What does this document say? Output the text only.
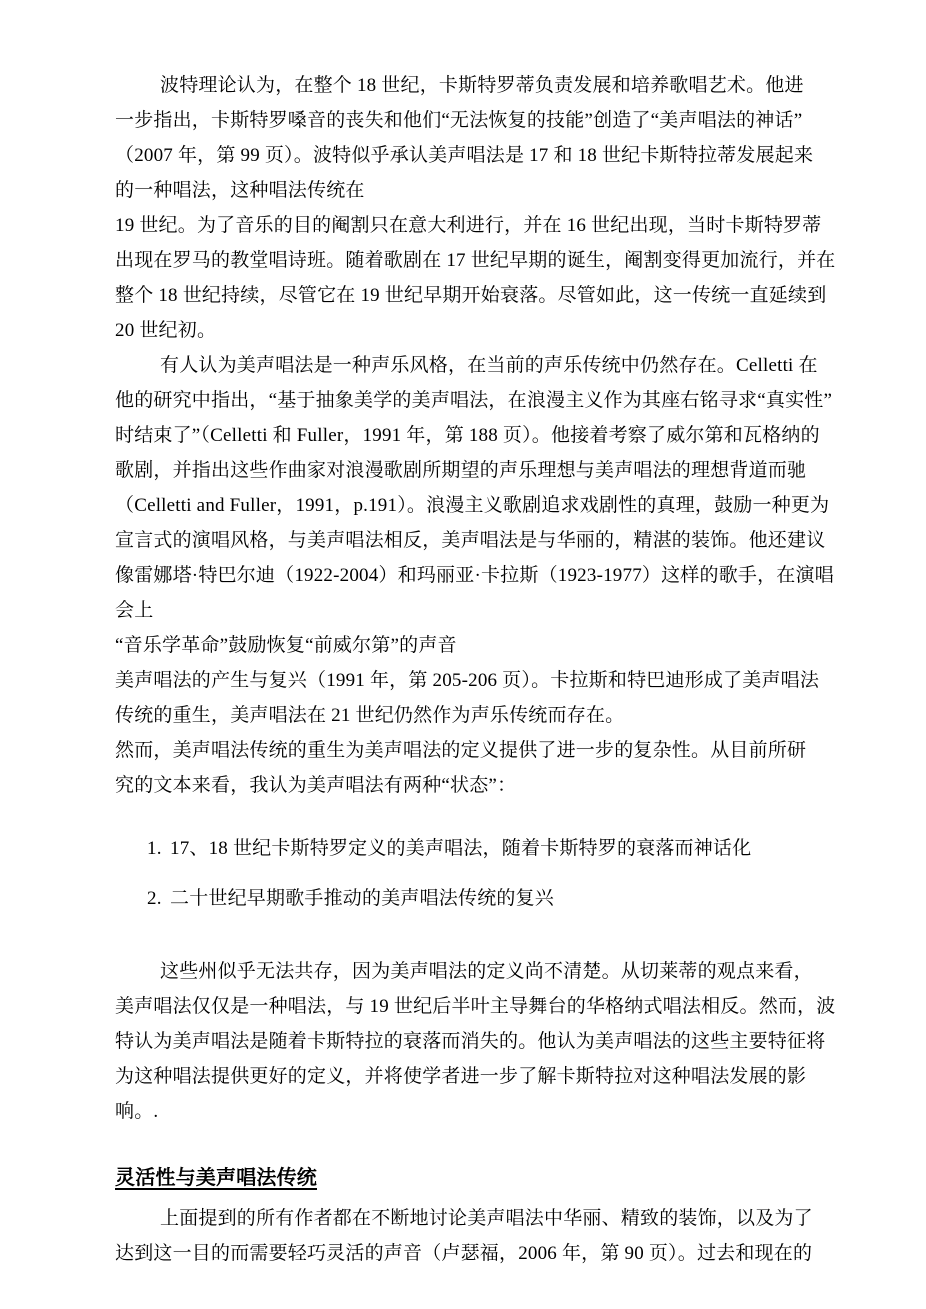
波特理论认为，在整个 18 世纪，卡斯特罗蒂负责发展和培养歌唱艺术。他进
一步指出，卡斯特罗嗓音的丧失和他们“无法恢复的技能”创造了“美声唱法的神话”
（2007 年，第 99 页）。波特似乎承认美声唱法是 17 和 18 世纪卡斯特拉蒂发展起来
的一种唱法，这种唱法传统在
19 世纪。为了音乐的目的阉割只在意大利进行，并在 16 世纪出现，当时卡斯特罗蒂
出现在罗马的教堂唱诗班。随着歌剧在 17 世纪早期的诞生，阉割变得更加流行，并在
整个 18 世纪持续，尽管它在 19 世纪早期开始衰落。尽管如此，这一传统一直延续到
20 世纪初。
有人认为美声唱法是一种声乐风格，在当前的声乐传统中仍然存在。Celletti 在
他的研究中指出，“基于抽象美学的美声唱法，在浪漫主义作为其座右铭寻求“真实性”
时结束了”（Celletti 和 Fuller，1991 年，第 188 页）。他接着考察了威尔第和瓦格纳的
歌剧，并指出这些作曲家对浪漫歌剧所期望的声乐理想与美声唱法的理想背道而驰
（Celletti and Fuller，1991，p.191）。浪漫主义歌剧追求戏剧性的真理，鼓励一种更为
宣言式的演唱风格，与美声唱法相反，美声唱法是与华丽的，精湛的装饰。他还建议
像雷娜塔·特巴尔迪（1922-2004）和玛丽亚·卡拉斯（1923-1977）这样的歌手，在演唱
会上
“音乐学革命”鼓励恢复“前威尔第”的声音
美声唱法的产生与复兴（1991 年，第 205-206 页）。卡拉斯和特巴迪形成了美声唱法
传统的重生，美声唱法在 21 世纪仍然作为声乐传统而存在。
然而，美声唱法传统的重生为美声唱法的定义提供了进一步的复杂性。从目前所研
究的文本来看，我认为美声唱法有两种“状态”：
1. 17、18 世纪卡斯特罗定义的美声唱法，随着卡斯特罗的衰落而神话化
2. 二十世纪早期歌手推动的美声唱法传统的复兴
这些州似乎无法共存，因为美声唱法的定义尚不清楚。从切莱蒂的观点来看，
美声唱法仅仅是一种唱法，与 19 世纪后半叶主导舞台的华格纳式唱法相反。然而，波
特认为美声唱法是随着卡斯特拉的衰落而消失的。他认为美声唱法的这些主要特征将
为这种唱法提供更好的定义，并将使学者进一步了解卡斯特拉对这种唱法发展的影
响。.
灵活性与美声唱法传统
上面提到的所有作者都在不断地讨论美声唱法中华丽、精致的装饰，以及为了
达到这一目的而需要轻巧灵活的声音（卢瑟福，2006 年，第 90 页）。过去和现在的
